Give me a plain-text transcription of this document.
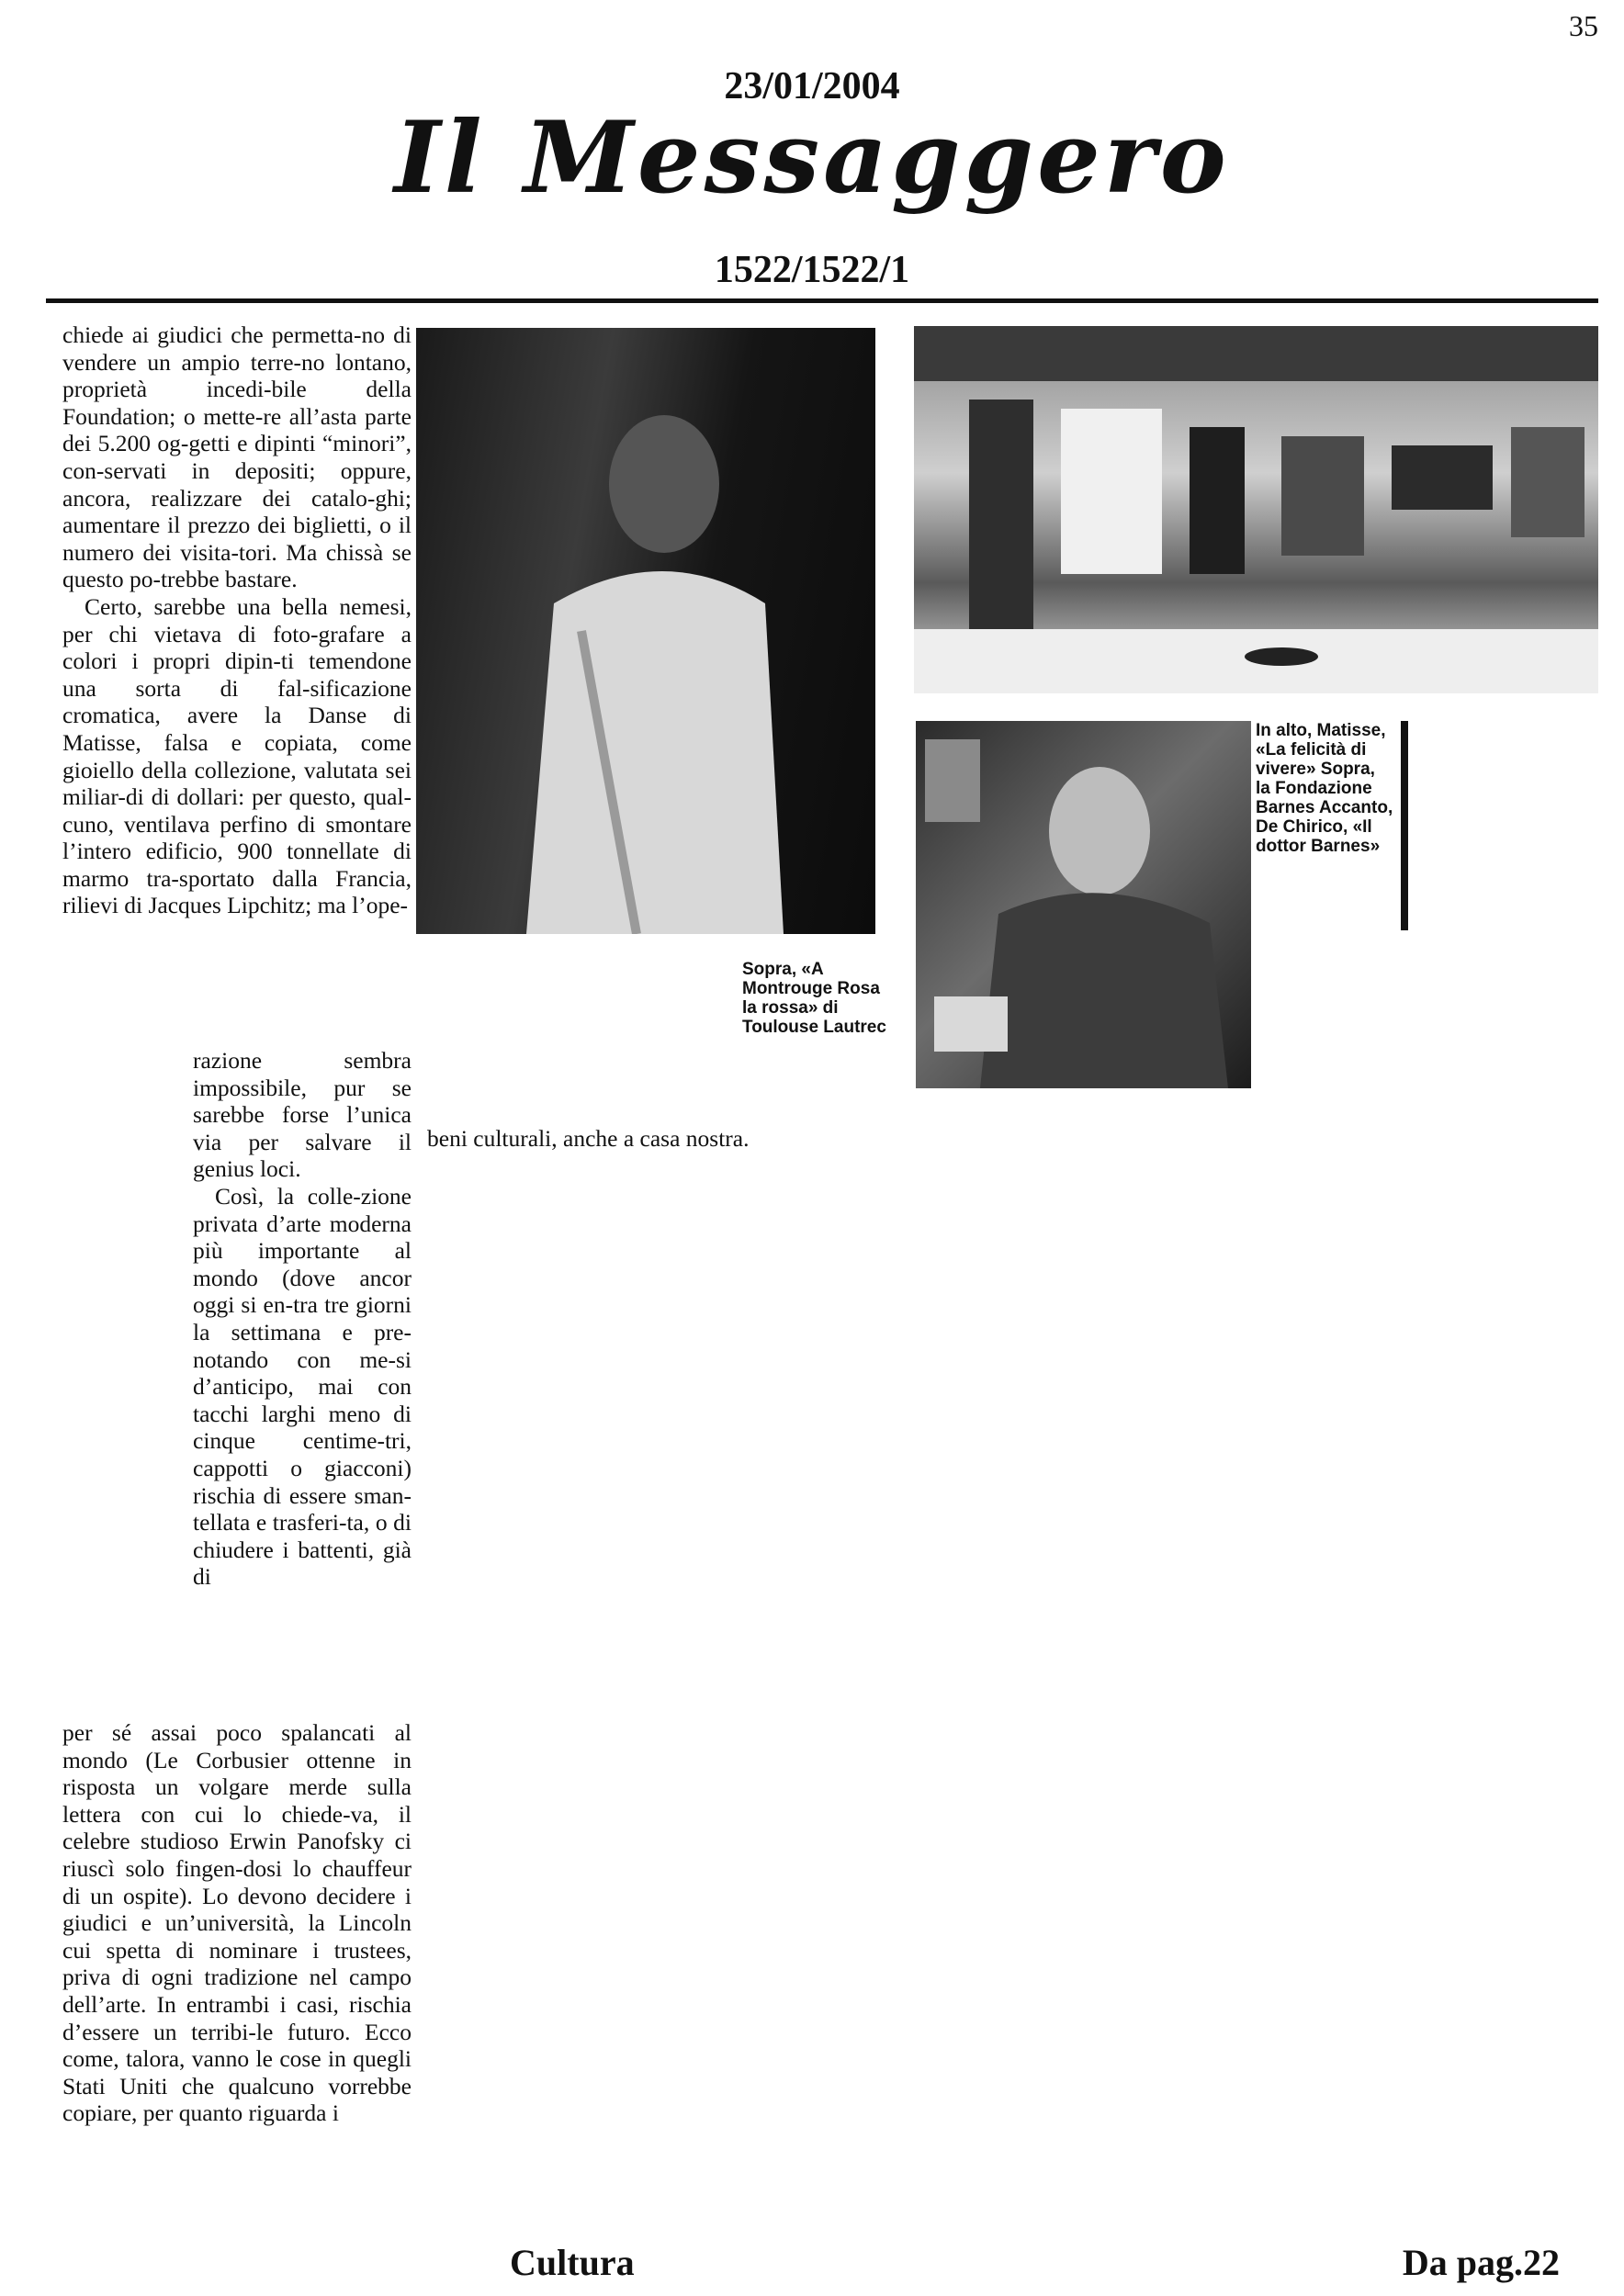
35
23/01/2004
Il Messaggero
1522/1522/1

chiede ai giudici che permetta-no di vendere un ampio terre-no lontano, proprietà incedi-bile della Foundation; o mette-re all’asta parte dei 5.200 og-getti e dipinti “minori”, con-servati in depositi; oppure, ancora, realizzare dei catalo-ghi; aumentare il prezzo dei biglietti, o il numero dei visita-tori. Ma chissà se questo po-trebbe bastare.

Certo, sarebbe una bella nemesi, per chi vietava di foto-grafare a colori i propri dipin-ti temendone una sorta di fal-sificazione cromatica, avere la Danse di Matisse, falsa e copiata, come gioiello della collezione, valutata sei miliar-di di dollari: per questo, qual-cuno, ventilava perfino di smontare l’intero edificio, 900 tonnellate di marmo tra-sportato dalla Francia, rilievi di Jacques Lipchitz; ma l’ope-

razione sembra impossibile, pur se sarebbe forse l’unica via per salvare il genius loci.

Così, la colle-zione privata d’arte moderna più importante al mondo (dove ancor oggi si en-tra tre giorni la settimana e pre-notando con me-si d’anticipo, mai con tacchi larghi meno di cinque centime-tri, cappotti o giacconi) rischia di essere sman-tellata e trasferi-ta, o di chiudere i battenti, già di

per sé assai poco spalancati al mondo (Le Corbusier ottenne in risposta un volgare merde sulla lettera con cui lo chiede-va, il celebre studioso Erwin Panofsky ci riuscì solo fingen-dosi lo chauffeur di un ospite). Lo devono decidere i giudici e un’università, la Lincoln cui spetta di nominare i trustees, priva di ogni tradizione nel campo dell’arte. In entrambi i casi, rischia d’essere un terribi-le futuro. Ecco come, talora, vanno le cose in quegli Stati Uniti che qualcuno vorrebbe copiare, per quanto riguarda i

beni culturali, anche a casa nostra.

Sopra, «A Montrouge Rosa la rossa» di Toulouse Lautrec
In alto, Matisse, «La felicità di vivere» Sopra, la Fondazione Barnes Accanto, De Chirico, «Il dottor Barnes»
Cultura	Da pag.22
